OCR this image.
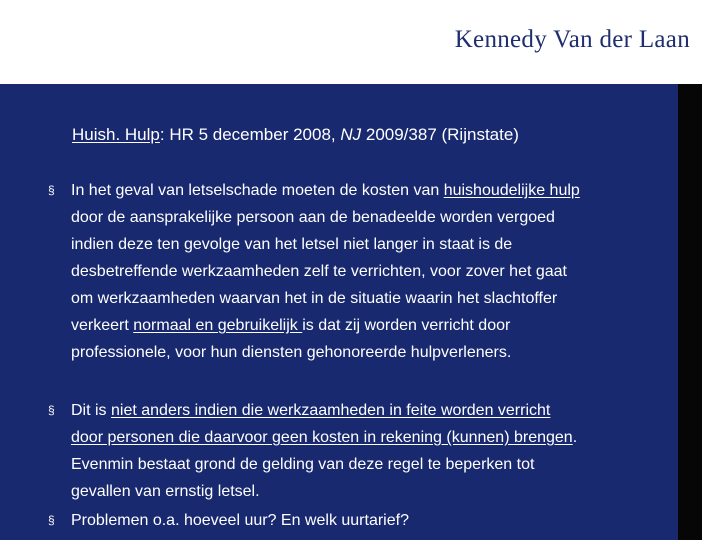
Kennedy Van der Laan
Huish. Hulp: HR 5 december 2008, NJ 2009/387 (Rijnstate)
§ In het geval van letselschade moeten de kosten van huishoudelijke hulp
door de aansprakelijke persoon aan de benadeelde worden vergoed
indien deze ten gevolge van het letsel niet langer in staat is de
desbetreffende werkzaamheden zelf te verrichten, voor zover het gaat
om werkzaamheden waarvan het in de situatie waarin het slachtoffer
verkeert normaal en gebruikelijk is dat zij worden verricht door
professionele, voor hun diensten gehonoreerde hulpverleners.
§ Dit is niet anders indien die werkzaamheden in feite worden verricht
door personen die daarvoor geen kosten in rekening (kunnen) brengen.
Evenmin bestaat grond de gelding van deze regel te beperken tot
gevallen van ernstig letsel.
§ Problemen o.a. hoeveel uur? En welk uurtarief?
